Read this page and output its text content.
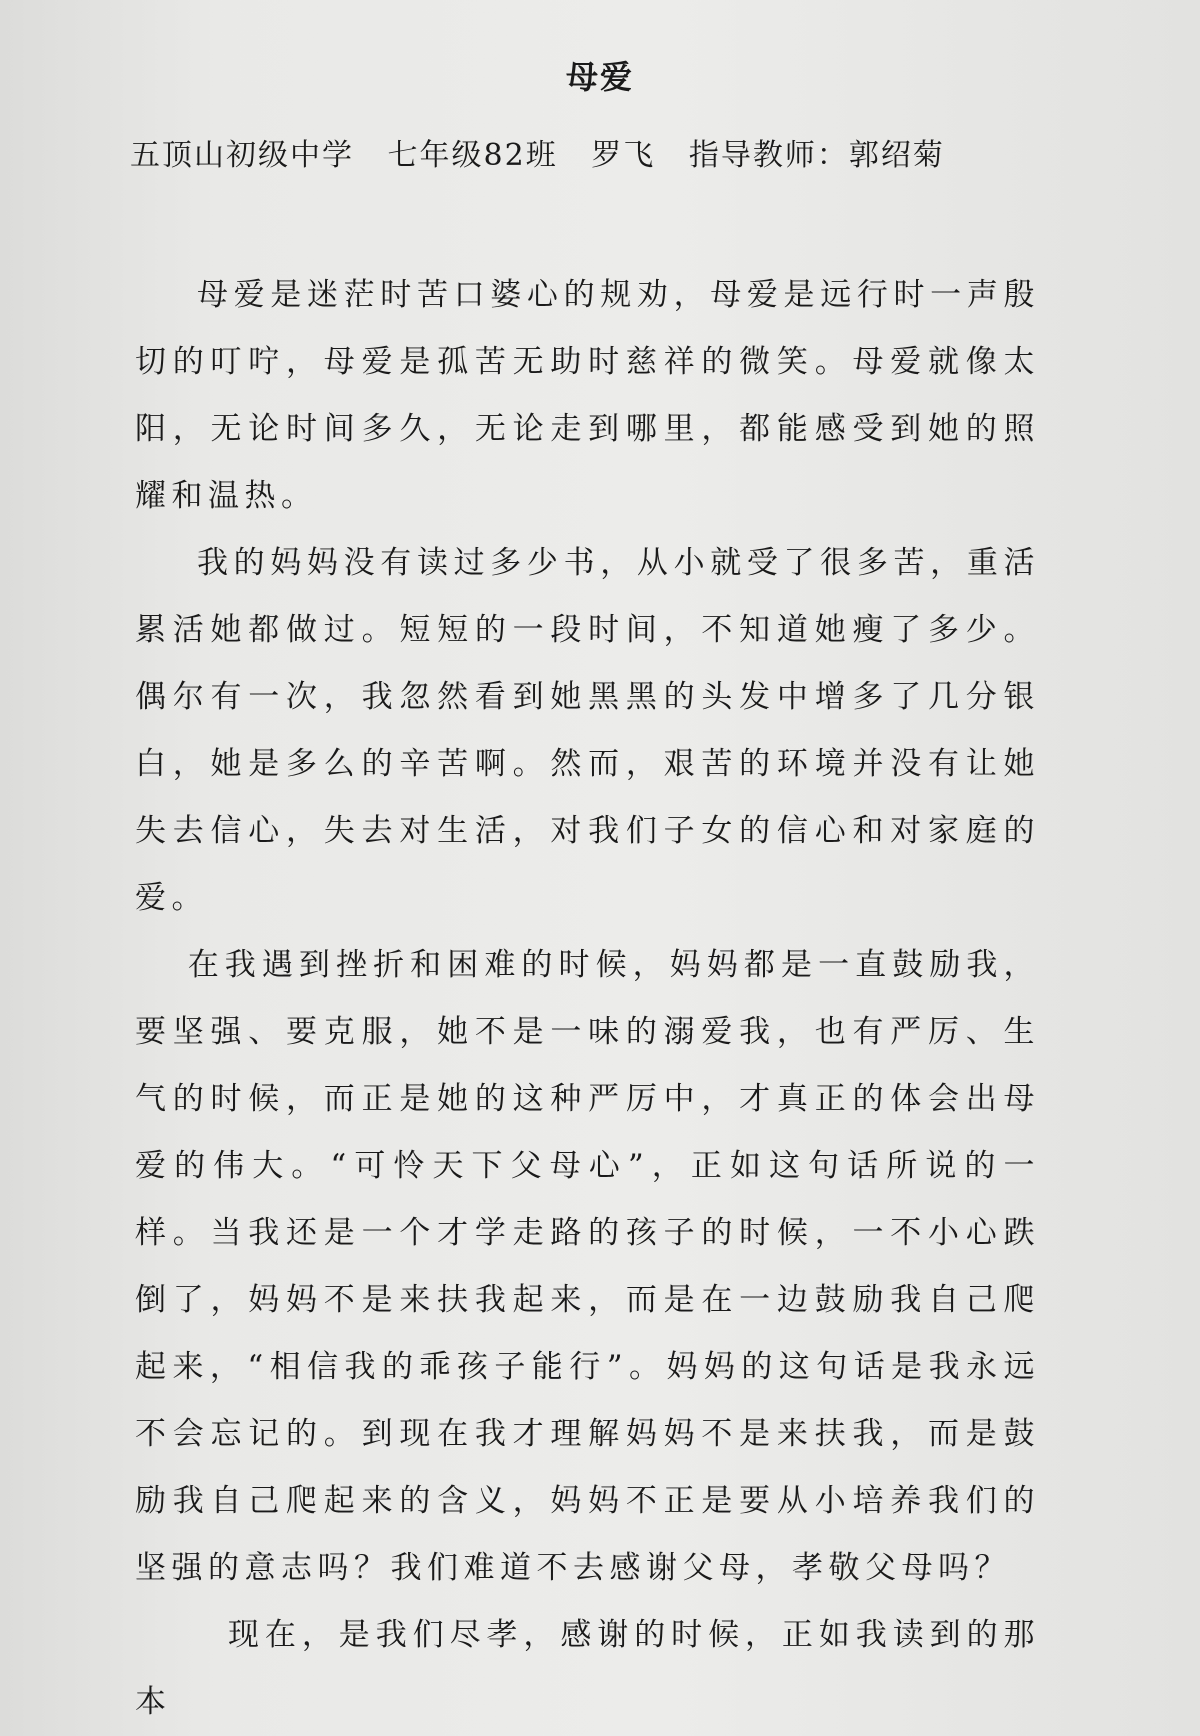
母爱
五顶山初级中学 七年级82班 罗飞 指导教师：郭绍菊

母爱是迷茫时苦口婆心的规劝，母爱是远行时一声殷切的叮咛，母爱是孤苦无助时慈祥的微笑。母爱就像太阳，无论时间多久，无论走到哪里，都能感受到她的照耀和温热。

我的妈妈没有读过多少书，从小就受了很多苦，重活累活她都做过。短短的一段时间，不知道她瘦了多少。偶尔有一次，我忽然看到她黑黑的头发中增多了几分银白，她是多么的辛苦啊。然而，艰苦的环境并没有让她失去信心，失去对生活，对我们子女的信心和对家庭的爱。

在我遇到挫折和困难的时候，妈妈都是一直鼓励我，要坚强、要克服，她不是一味的溺爱我，也有严厉、生气的时候，而正是她的这种严厉中，才真正的体会出母爱的伟大。“可怜天下父母心”，正如这句话所说的一样。当我还是一个才学走路的孩子的时候，一不小心跌倒了，妈妈不是来扶我起来，而是在一边鼓励我自己爬起来，“相信我的乖孩子能行”。妈妈的这句话是我永远不会忘记的。到现在我才理解妈妈不是来扶我，而是鼓励我自己爬起来的含义，妈妈不正是要从小培养我们的坚强的意志吗？我们难道不去感谢父母，孝敬父母吗？

现在，是我们尽孝，感谢的时候，正如我读到的那本
